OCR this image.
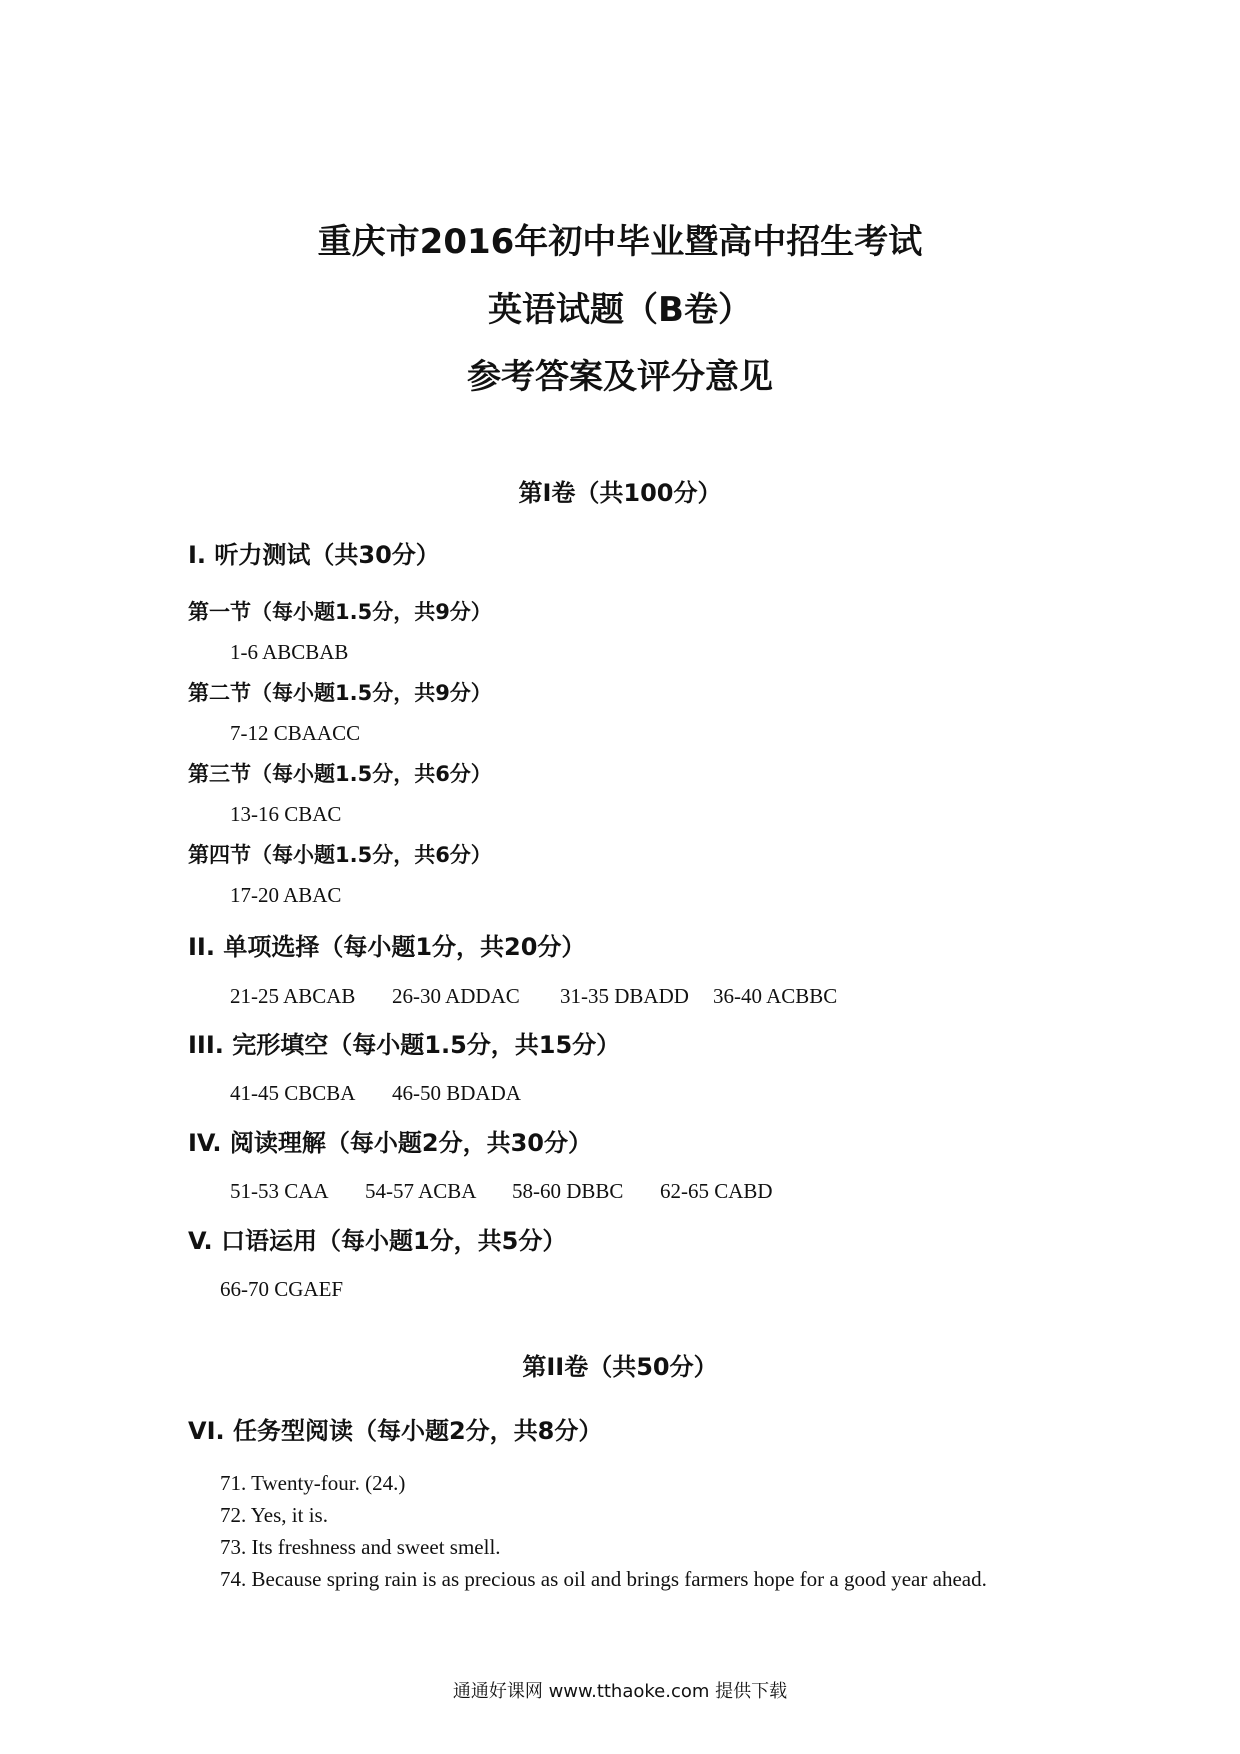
重庆市2016年初中毕业暨高中招生考试
英语试题（B卷）
参考答案及评分意见
第I卷（共100分）
I. 听力测试（共30分）
第一节（每小题1.5分，共9分）
1-6 ABCBAB
第二节（每小题1.5分，共9分）
7-12 CBAACC
第三节（每小题1.5分，共6分）
13-16 CBAC
第四节（每小题1.5分，共6分）
17-20 ABAC
II. 单项选择（每小题1分，共20分）
21-25 ABCAB 26-30 ADDAC 31-35 DBADD 36-40 ACBBC
III. 完形填空（每小题1.5分，共15分）
41-45 CBCBA 46-50 BDADA
IV. 阅读理解（每小题2分，共30分）
51-53 CAA 54-57 ACBA 58-60 DBBC 62-65 CABD
V. 口语运用（每小题1分，共5分）
66-70 CGAEF
第II卷（共50分）
VI. 任务型阅读（每小题2分，共8分）
71. Twenty-four. (24.)
72. Yes, it is.
73. Its freshness and sweet smell.
74. Because spring rain is as precious as oil and brings farmers hope for a good year ahead.
通通好课网 www.tthaoke.com 提供下载
